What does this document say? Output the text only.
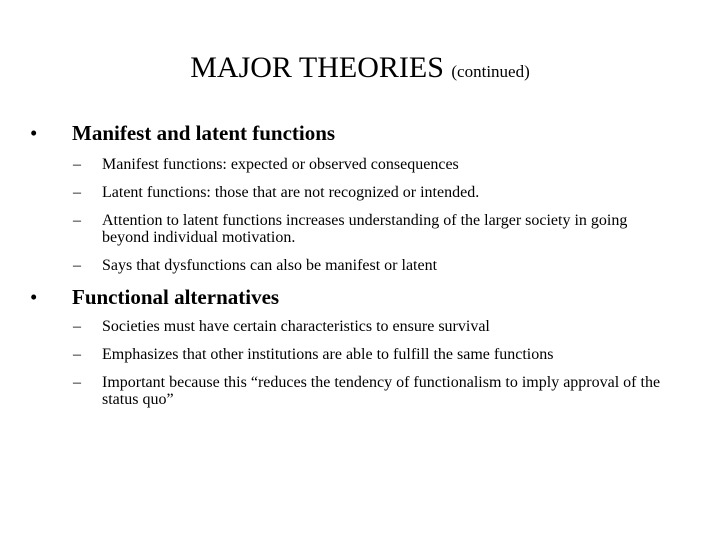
MAJOR THEORIES (continued)
•	Manifest and latent functions
– Manifest functions: expected or observed consequences
– Latent functions: those that are not recognized or intended.
– Attention to latent functions increases understanding of the larger society in going beyond individual motivation.
– Says that dysfunctions can also be manifest or latent
•	Functional alternatives
– Societies must have certain characteristics to ensure survival
– Emphasizes that other institutions are able to fulfill the same functions
– Important because this “reduces the tendency of functionalism to imply approval of the status quo”
